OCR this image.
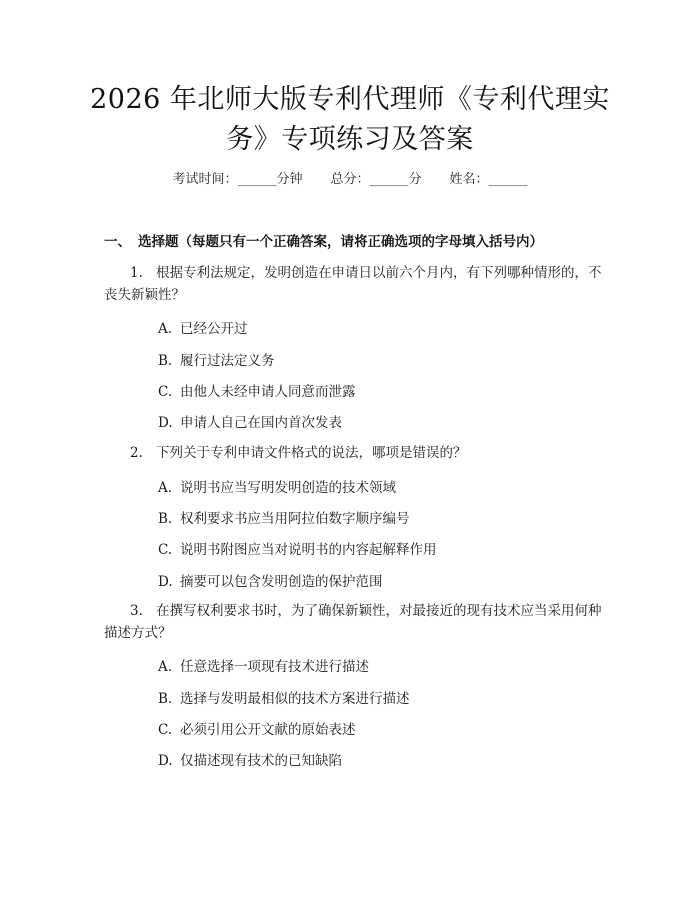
2026 年北师大版专利代理师《专利代理实
务》专项练习及答案
考试时间：______分钟 总分：______分 姓名：______
一、 选择题（每题只有一个正确答案，请将正确选项的字母填入括号内）
1. 根据专利法规定，发明创造在申请日以前六个月内，有下列哪种情形的，不丧失新颖性？
A. 已经公开过
B. 履行过法定义务
C. 由他人未经申请人同意而泄露
D. 申请人自己在国内首次发表
2. 下列关于专利申请文件格式的说法，哪项是错误的？
A. 说明书应当写明发明创造的技术领域
B. 权利要求书应当用阿拉伯数字顺序编号
C. 说明书附图应当对说明书的内容起解释作用
D. 摘要可以包含发明创造的保护范围
3. 在撰写权利要求书时，为了确保新颖性，对最接近的现有技术应当采用何种描述方式？
A. 任意选择一项现有技术进行描述
B. 选择与发明最相似的技术方案进行描述
C. 必须引用公开文献的原始表述
D. 仅描述现有技术的已知缺陷
